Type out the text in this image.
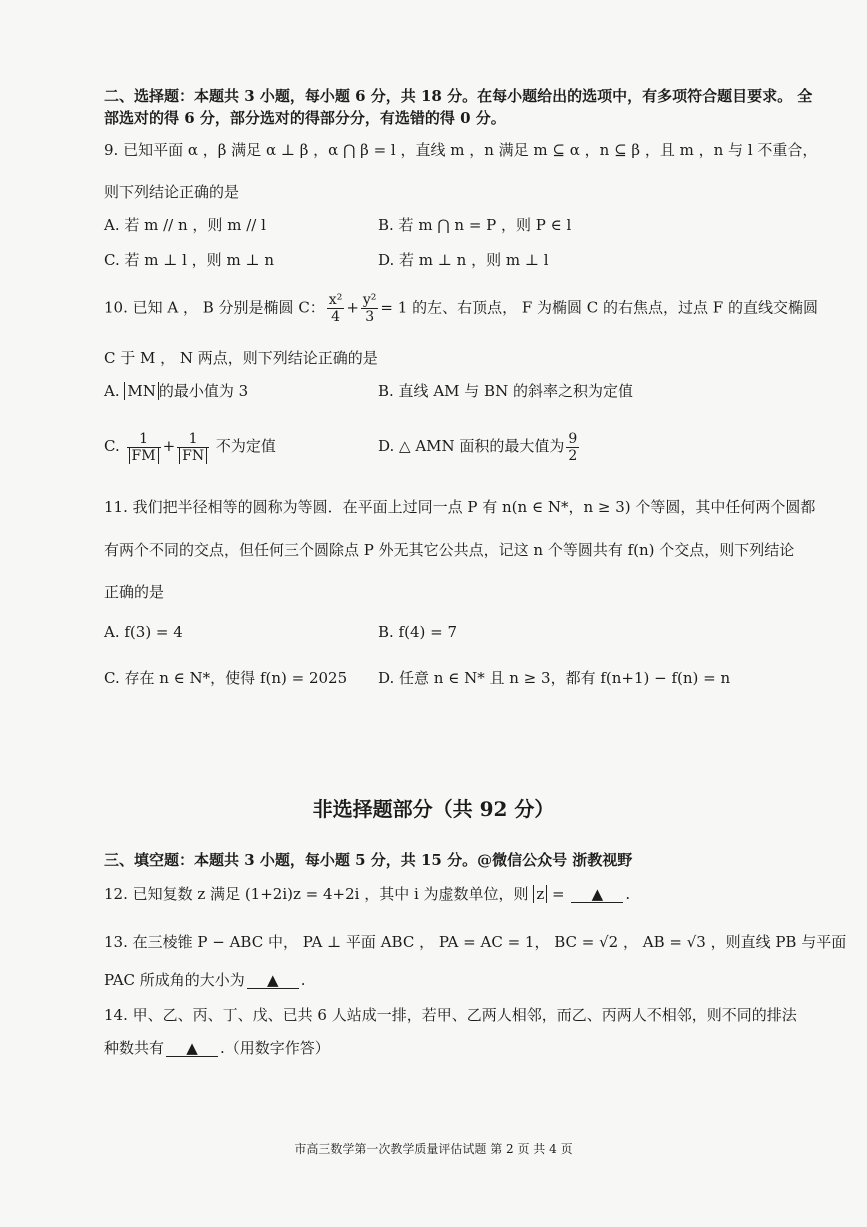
二、选择题：本题共 3 小题，每小题 6 分，共 18 分。在每小题给出的选项中，有多项符合题目要求。 全
部选对的得 6 分，部分选对的得部分分，有选错的得 0 分。
9. 已知平面 α ，β 满足 α ⊥ β ，α ⋂ β = l ，直线 m ，n 满足 m ⊆ α ，n ⊆ β ，且 m ，n 与 l 不重合，
则下列结论正确的是
A. 若 m // n ，则 m // l	B. 若 m ⋂ n = P ，则 P ∈ l
C. 若 m ⊥ l ，则 m ⊥ n	D. 若 m ⊥ n ，则 m ⊥ l
10. 已知 A ， B 分别是椭圆 C： $\frac{\text{x²}}{4} + \frac{\text{y²}}{3} = 1$ 的左、右顶点， F 为椭圆 C 的右焦点，过点 F 的直线交椭圆
C 于 M ， N 两点，则下列结论正确的是
A. MN 的最小值为 3	B. 直线 AM 与 BN 的斜率之积为定值
C. $\frac{1}{FM} + \frac{1}{FN}$ 不为定值	D. △ AMN 面积的最大值为 $\frac{9}{2}$
11. 我们把半径相等的圆称为等圆．在平面上过同一点 P 有 n(n ∈ N*，n ≥ 3) 个等圆，其中任何两个圆都
有两个不同的交点，但任何三个圆除点 P 外无其它公共点，记这 n 个等圆共有 f(n) 个交点，则下列结论
正确的是
A. f(3) = 4	B. f(4) = 7
C. 存在 n ∈ N*，使得 f(n) = 2025 D. 任意 n ∈ N* 且 n ≥ 3，都有 f(n+1) − f(n) = n
非选择题部分（共 92 分）
三、填空题：本题共 3 小题，每小题 5 分，共 15 分。@微信公众号 浙教视野
12. 已知复数 z 满足 (1+2i)z = 4+2i ，其中 i 为虚数单位，则 z = ▲ .
13. 在三棱锥 P − ABC 中， PA ⊥ 平面 ABC ， PA = AC = 1， BC = √2 ， AB = √3 ，则直线 PB 与平面
PAC 所成角的大小为 ▲ .
14. 甲、乙、丙、丁、戊、已共 6 人站成一排，若甲、乙两人相邻，而乙、丙两人不相邻，则不同的排法
种数共有 ▲ .（用数字作答）
市高三数学第一次教学质量评估试题 第 2 页 共 4 页
